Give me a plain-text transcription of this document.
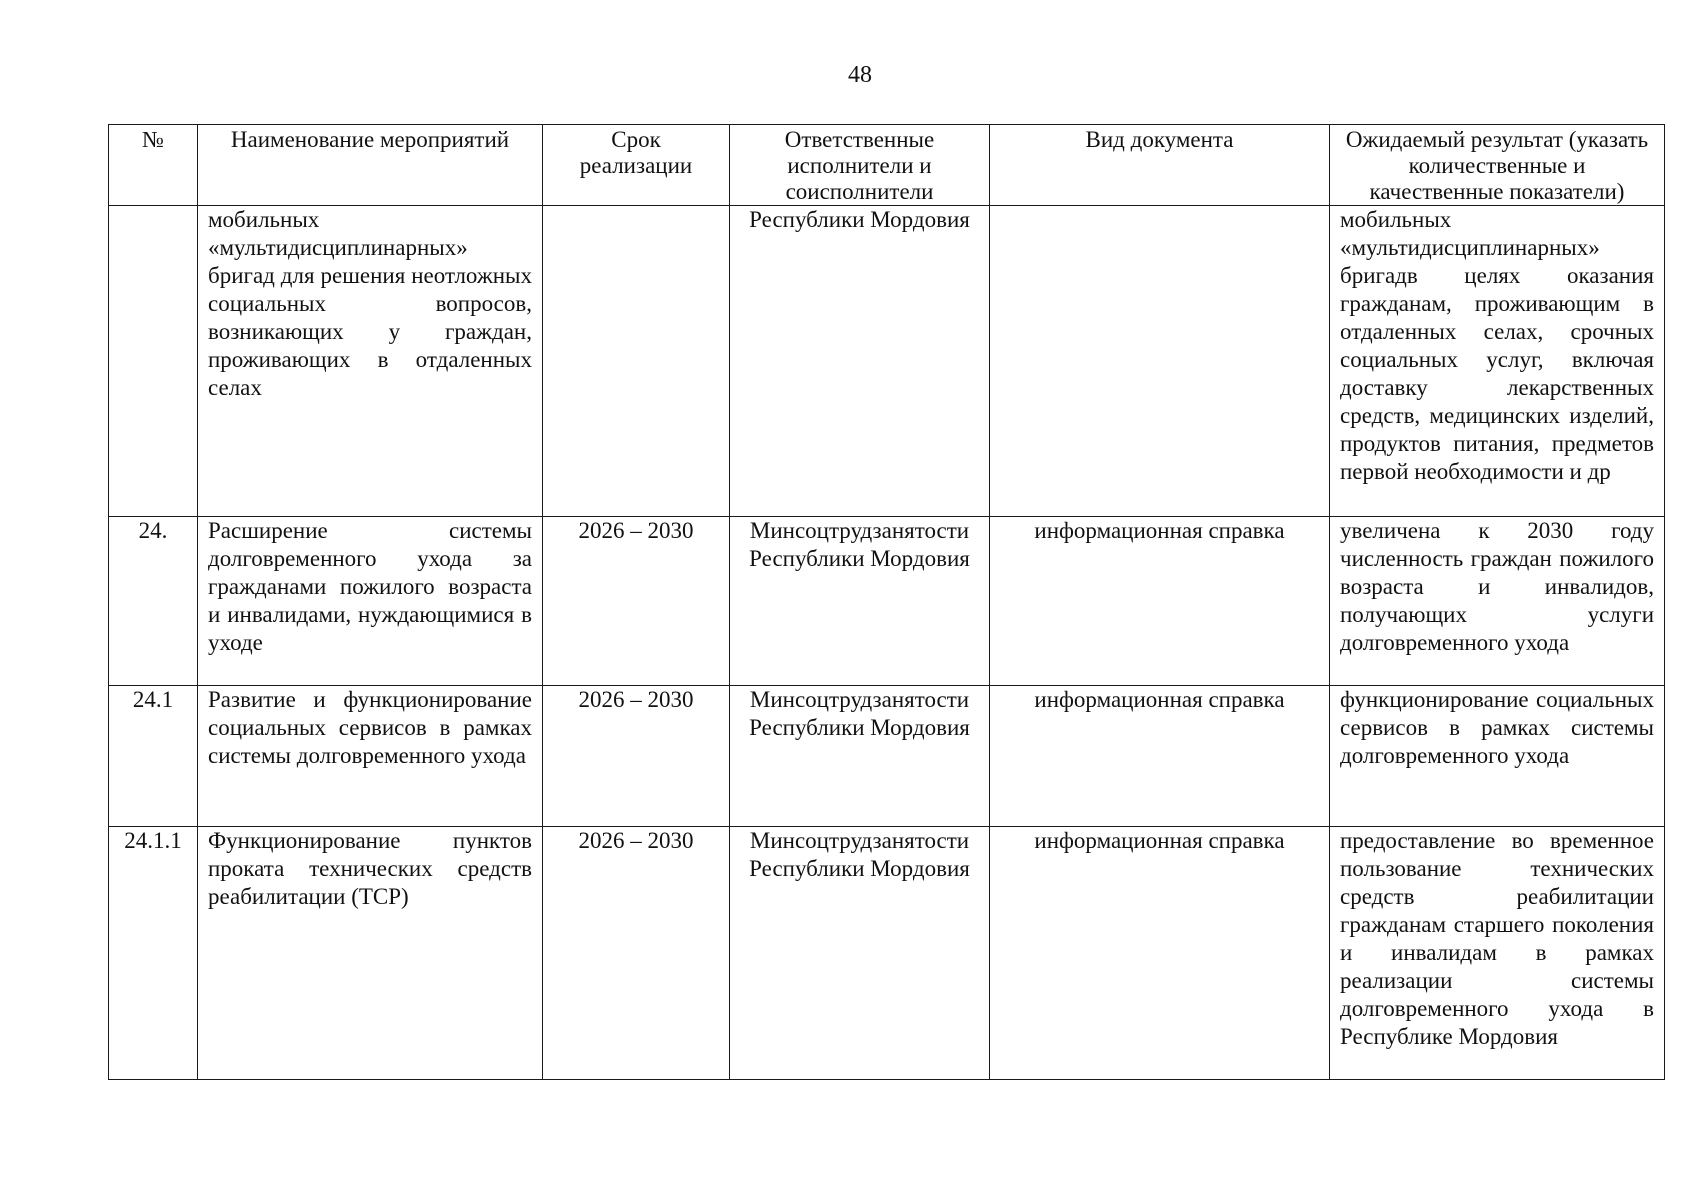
48
№	Наименование мероприятий	Срок реализации	Ответственные исполнители и соисполнители	Вид документа	Ожидаемый результат (указать количественные и качественные показатели)
	мобильных «мультидисциплинарных» бригад для решения неотложных социальных вопросов, возникающих у граждан, проживающих в отдаленных селах		Республики Мордовия		мобильных «мультидисциплинарных» бригадв целях оказания гражданам, проживающим в отдаленных селах, срочных социальных услуг, включая доставку лекарственных средств, медицинских изделий, продуктов питания, предметов первой необходимости и др
24.	Расширение системы долговременного ухода за гражданами пожилого возраста и инвалидами, нуждающимися в уходе	2026 – 2030	Минсоцтрудзанятости Республики Мордовия	информационная справка	увеличена к 2030 году численность граждан пожилого возраста и инвалидов, получающих услуги долговременного ухода
24.1	Развитие и функционирование социальных сервисов в рамках системы долговременного ухода	2026 – 2030	Минсоцтрудзанятости Республики Мордовия	информационная справка	функционирование социальных сервисов в рамках системы долговременного ухода
24.1.1	Функционирование пунктов проката технических средств реабилитации (ТСР)	2026 – 2030	Минсоцтрудзанятости Республики Мордовия	информационная справка	предоставление во временное пользование технических средств реабилитации гражданам старшего поколения и инвалидам в рамках реализации системы долговременного ухода в Республике Мордовия
